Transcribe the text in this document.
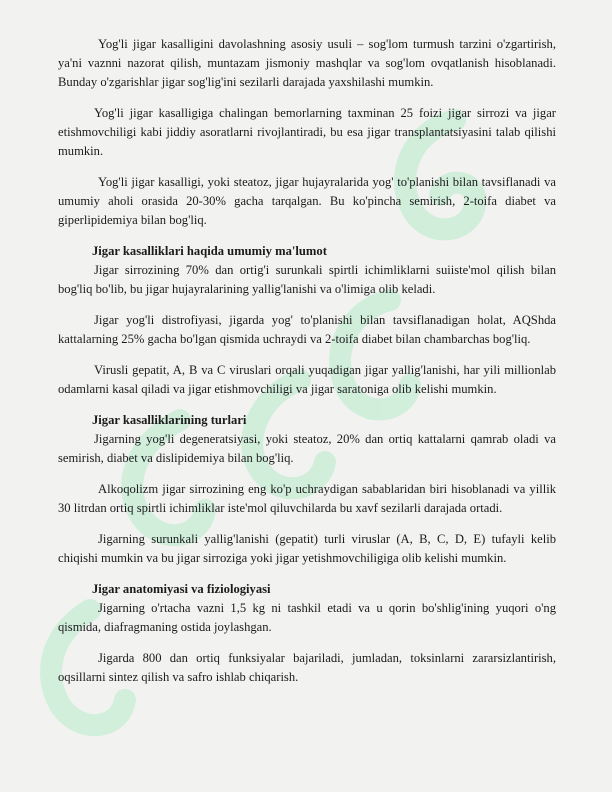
Yog'li jigar kasalligini davolashning asosiy usuli – sog'lom turmush tarzini o'zgartirish, ya'ni vaznni nazorat qilish, muntazam jismoniy mashqlar va sog'lom ovqatlanish hisoblanadi. Bunday o'zgarishlar jigar sog'lig'ini sezilarli darajada yaxshilashi mumkin.

Yog'li jigar kasalligiga chalingan bemorlarning taxminan 25 foizi jigar sirrozi va jigar etishmovchiligi kabi jiddiy asoratlarni rivojlantiradi, bu esa jigar transplantatsiyasini talab qilishi mumkin.

Yog'li jigar kasalligi, yoki steatoz, jigar hujayralarida yog' to'planishi bilan tavsiflanadi va umumiy aholi orasida 20-30% gacha tarqalgan. Bu ko'pincha semirish, 2-toifa diabet va giperlipidemiya bilan bog'liq.

Jigar kasalliklari haqida umumiy ma'lumot

Jigar sirrozining 70% dan ortig'i surunkali spirtli ichimliklarni suiiste'mol qilish bilan bog'liq bo'lib, bu jigar hujayralarining yallig'lanishi va o'limiga olib keladi.

Jigar yog'li distrofiyasi, jigarda yog' to'planishi bilan tavsiflanadigan holat, AQShda kattalarning 25% gacha bo'lgan qismida uchraydi va 2-toifa diabet bilan chambarchas bog'liq.

Virusli gepatit, A, B va C viruslari orqali yuqadigan jigar yallig'lanishi, har yili millionlab odamlarni kasal qiladi va jigar etishmovchiligi va jigar saratoniga olib kelishi mumkin.

Jigar kasalliklarining turlari

Jigarning yog'li degeneratsiyasi, yoki steatoz, 20% dan ortiq kattalarni qamrab oladi va semirish, diabet va dislipidemiya bilan bog'liq.

Alkoqolizm jigar sirrozining eng ko'p uchraydigan sabablaridan biri hisoblanadi va yillik 30 litrdan ortiq spirtli ichimliklar iste'mol qiluvchilarda bu xavf sezilarli darajada ortadi.

Jigarning surunkali yallig'lanishi (gepatit) turli viruslar (A, B, C, D, E) tufayli kelib chiqishi mumkin va bu jigar sirroziga yoki jigar yetishmovchiligiga olib kelishi mumkin.

Jigar anatomiyasi va fiziologiyasi

Jigarning o'rtacha vazni 1,5 kg ni tashkil etadi va u qorin bo'shlig'ining yuqori o'ng qismida, diafragmaning ostida joylashgan.

Jigarda 800 dan ortiq funksiyalar bajariladi, jumladan, toksinlarni zararsizlantirish, oqsillarni sintez qilish va safro ishlab chiqarish.
